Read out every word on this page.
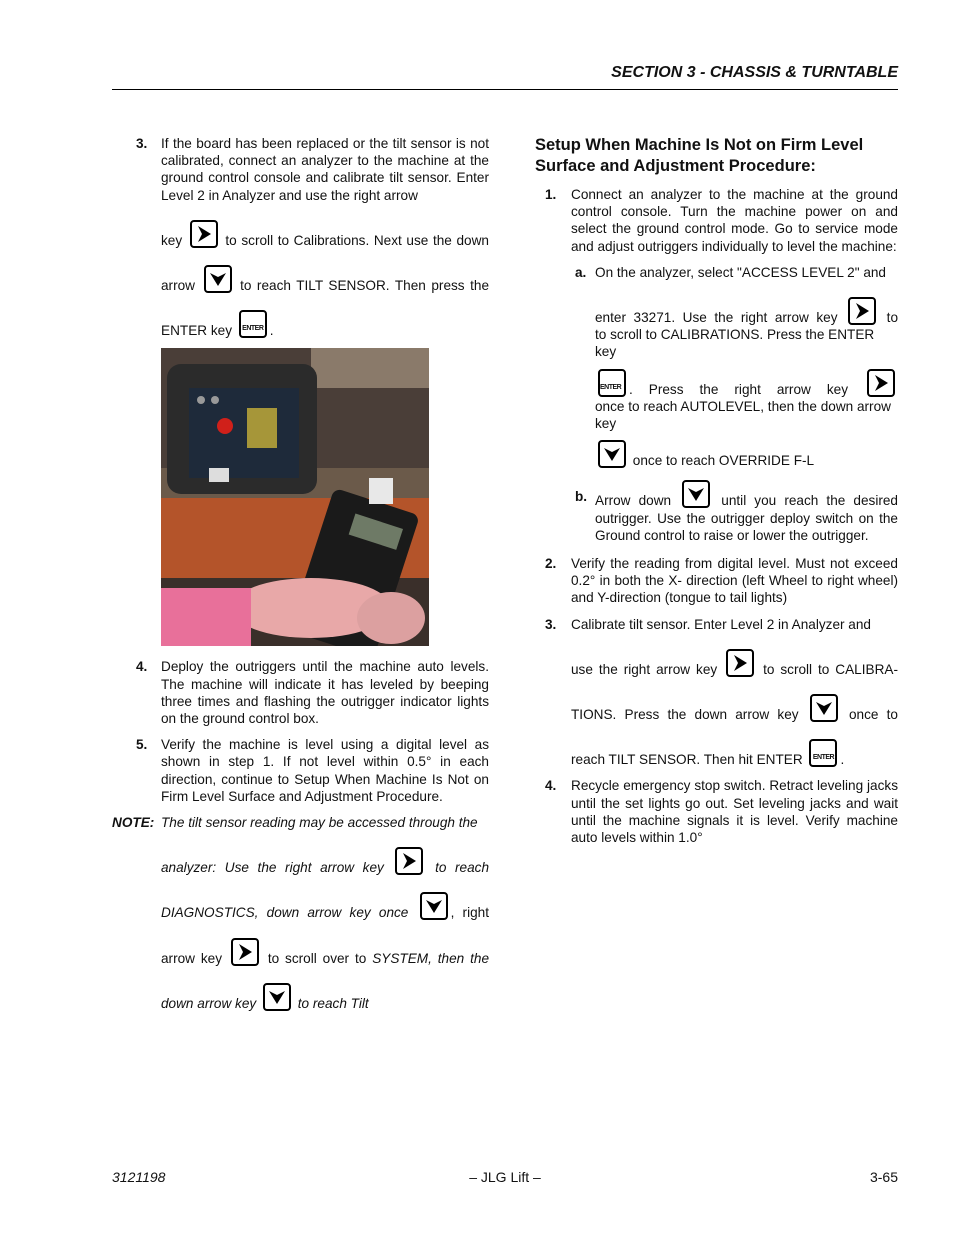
SECTION 3 - CHASSIS & TURNTABLE
3. If the board has been replaced or the tilt sensor is not calibrated, connect an analyzer to the machine at the ground control console and calibrate tilt sensor. Enter Level 2 in Analyzer and use the right arrow
key	to scroll to Calibrations. Next use the down
arrow	to reach TILT SENSOR. Then press the
ENTER key ENTER .
4. Deploy the outriggers until the machine auto levels. The machine will indicate it has leveled by beeping three times and flashing the outrigger indicator lights on the ground control box.
5. Verify the machine is level using a digital level as shown in step 1. If not level within 0.5° in each direction, continue to Setup When Machine Is Not on Firm Level Surface and Adjustment Procedure.
NOTE: The tilt sensor reading may be accessed through the
analyzer: Use the right arrow key	to reach
DIAGNOSTICS, down arrow key once	, right
arrow key	to scroll over to SYSTEM, then the
down arrow key	to reach Tilt
Setup When Machine Is Not on Firm Level Surface and Adjustment Procedure:
1. Connect an analyzer to the machine at the ground control console. Turn the machine power on and select the ground control mode. Go to service mode and adjust outriggers individually to level the machine:
a. On the analyzer, select "ACCESS LEVEL 2" and
enter 33271. Use the right arrow key	to
to scroll to CALIBRATIONS. Press the ENTER key
ENTER . Press the right arrow key
once to reach AUTOLEVEL, then the down arrow key
once to reach OVERRIDE F-L
b. Arrow down	until you reach the desired outrigger. Use the outrigger deploy switch on the Ground control to raise or lower the outrigger.
2. Verify the reading from digital level. Must not exceed 0.2° in both the X- direction (left Wheel to right wheel) and Y-direction (tongue to tail lights)
3. Calibrate tilt sensor. Enter Level 2 in Analyzer and
use the right arrow key	to scroll to CALIBRA-
TIONS. Press the down arrow key	once to
reach TILT SENSOR. Then hit ENTER ENTER .
4. Recycle emergency stop switch. Retract leveling jacks until the set lights go out. Set leveling jacks and wait until the machine signals it is level. Verify machine auto levels within 1.0°
3121198	– JLG Lift –	3-65
